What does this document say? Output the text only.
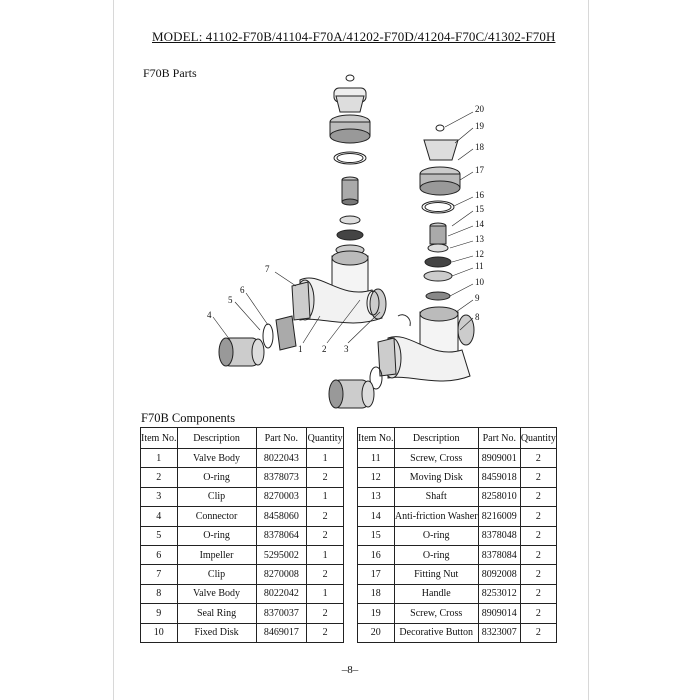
MODEL: 41102-F70B/41104-F70A/41202-F70D/41204-F70C/41302-F70H
F70B Parts
20
19
18
17
16
15
14
13
12
11
10
9
8
7
6
5
4
1 2 3
F70B Components
Item No.	Description	Part No.	Quantity
1	Valve Body	8022043	1
2	O-ring	8378073	2
3	Clip	8270003	1
4	Connector	8458060	2
5	O-ring	8378064	2
6	Impeller	5295002	1
7	Clip	8270008	2
8	Valve Body	8022042	1
9	Seal Ring	8370037	2
10	Fixed Disk	8469017	2
Item No.	Description	Part No.	Quantity
11	Screw, Cross	8909001	2
12	Moving Disk	8459018	2
13	Shaft	8258010	2
14	Anti-friction Washer	8216009	2
15	O-ring	8378048	2
16	O-ring	8378084	2
17	Fitting Nut	8092008	2
18	Handle	8253012	2
19	Screw, Cross	8909014	2
20	Decorative Button	8323007	2
–8–
